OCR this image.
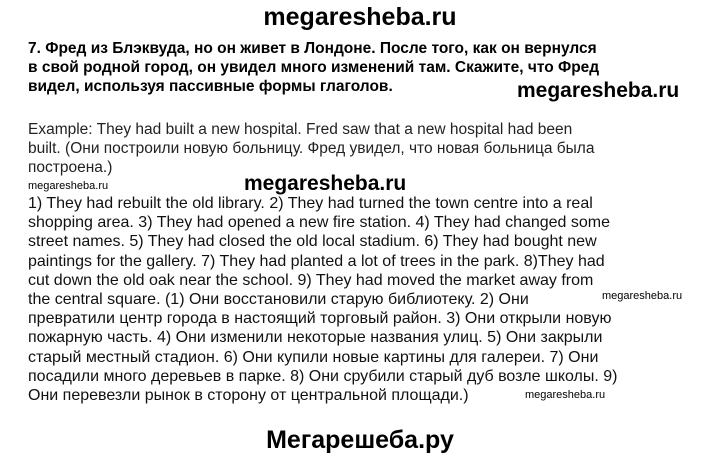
megaresheba.ru
7. Фред из Блэквуда, но он живет в Лондоне. После того, как он вернулся
в свой родной город, он увидел много изменений там. Скажите, что Фред
видел, используя пассивные формы глаголов.	megaresheba.ru
Example: They had built a new hospital. Fred saw that a new hospital had been
built. (Они построили новую больницу. Фред увидел, что новая больница была
построена.)
megaresheba.ru	megaresheba.ru
1) They had rebuilt the old library. 2) They had turned the town centre into a real
shopping area. 3) They had opened a new fire station. 4) They had changed some
street names. 5) They had closed the old local stadium. 6) They had bought new
paintings for the gallery. 7) They had planted a lot of trees in the park. 8)They had
cut down the old oak near the school. 9) They had moved the market away from
the central square. (1) Они восстановили старую библиотеку. 2) Они
превратили центр города в настоящий торговый район. 3) Они открыли новую
пожарную часть. 4) Они изменили некоторые названия улиц. 5) Они закрыли
старый местный стадион. 6) Они купили новые картины для галереи. 7) Они
посадили много деревьев в парке. 8) Они срубили старый дуб возле школы. 9)
Они перевезли рынок в сторону от центральной площади.)
megaresheba.ru
megaresheba.ru
Мегарешеба.ру
